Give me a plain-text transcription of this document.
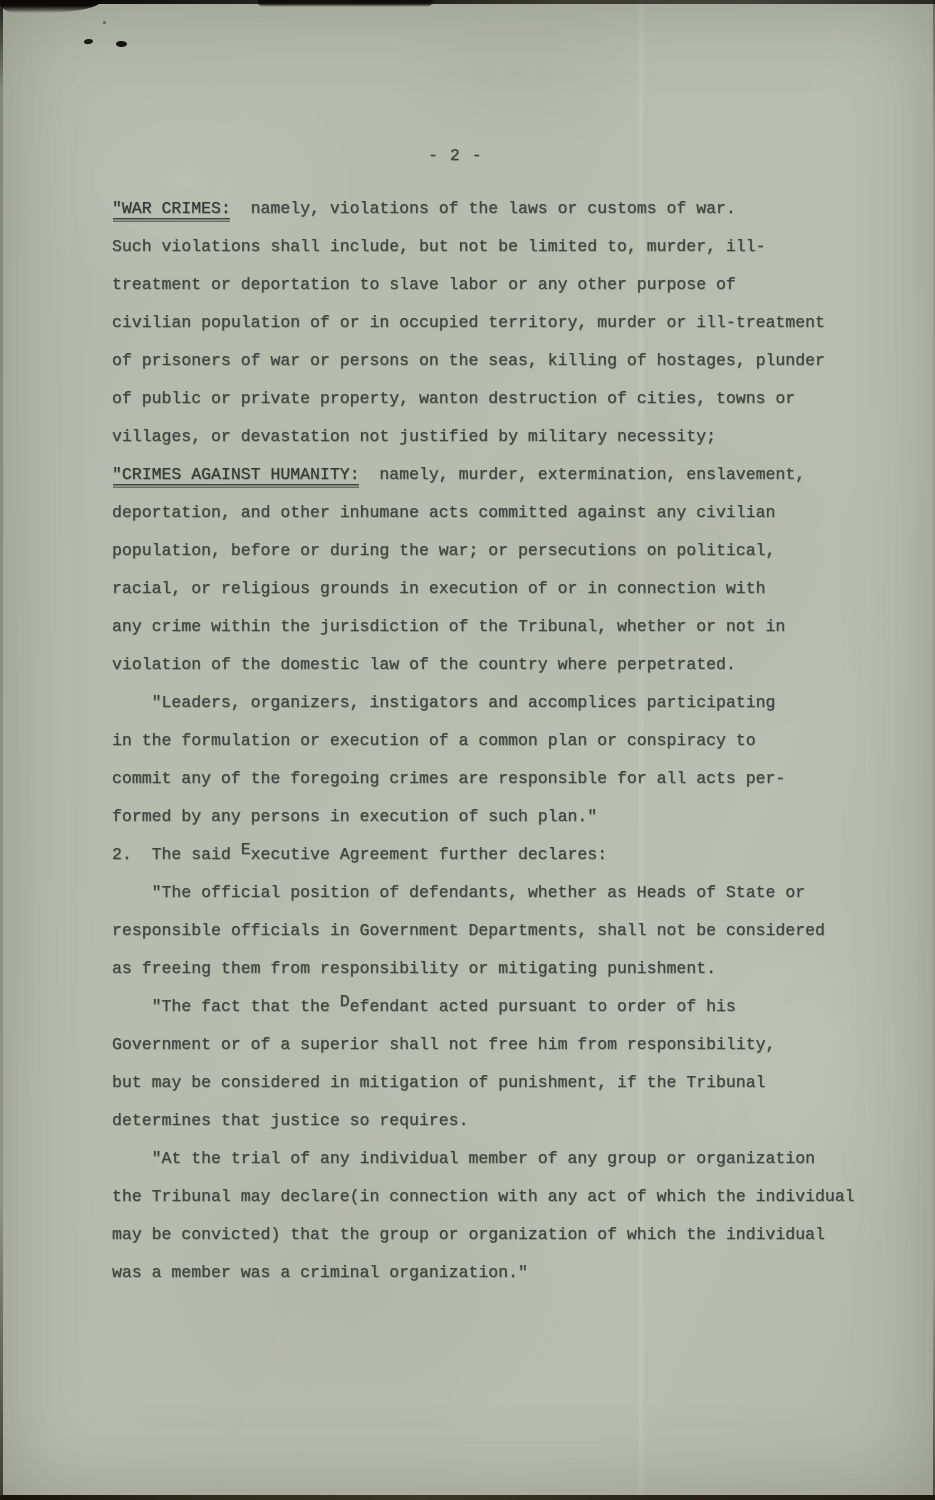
- 2 -
"WAR CRIMES:  namely, violations of the laws or customs of war.
Such violations shall include, but not be limited to, murder, ill-
treatment or deportation to slave labor or any other purpose of
civilian population of or in occupied territory, murder or ill-treatment
of prisoners of war or persons on the seas, killing of hostages, plunder
of public or private property, wanton destruction of cities, towns or
villages, or devastation not justified by military necessity;
"CRIMES AGAINST HUMANITY:  namely, murder, extermination, enslavement,
deportation, and other inhumane acts committed against any civilian
population, before or during the war; or persecutions on political,
racial, or religious grounds in execution of or in connection with
any crime within the jurisdiction of the Tribunal, whether or not in
violation of the domestic law of the country where perpetrated.
"Leaders, organizers, instigators and accomplices participating
in the formulation or execution of a common plan or conspiracy to
commit any of the foregoing crimes are responsible for all acts per-
formed by any persons in execution of such plan."
2.  The said Executive Agreement further declares:
"The official position of defendants, whether as Heads of State or
responsible officials in Government Departments, shall not be considered
as freeing them from responsibility or mitigating punishment.
"The fact that the Defendant acted pursuant to order of his
Government or of a superior shall not free him from responsibility,
but may be considered in mitigation of punishment, if the Tribunal
determines that justice so requires.
"At the trial of any individual member of any group or organization
the Tribunal may declare(in connection with any act of which the individual
may be convicted) that the group or organization of which the individual
was a member was a criminal organization."
